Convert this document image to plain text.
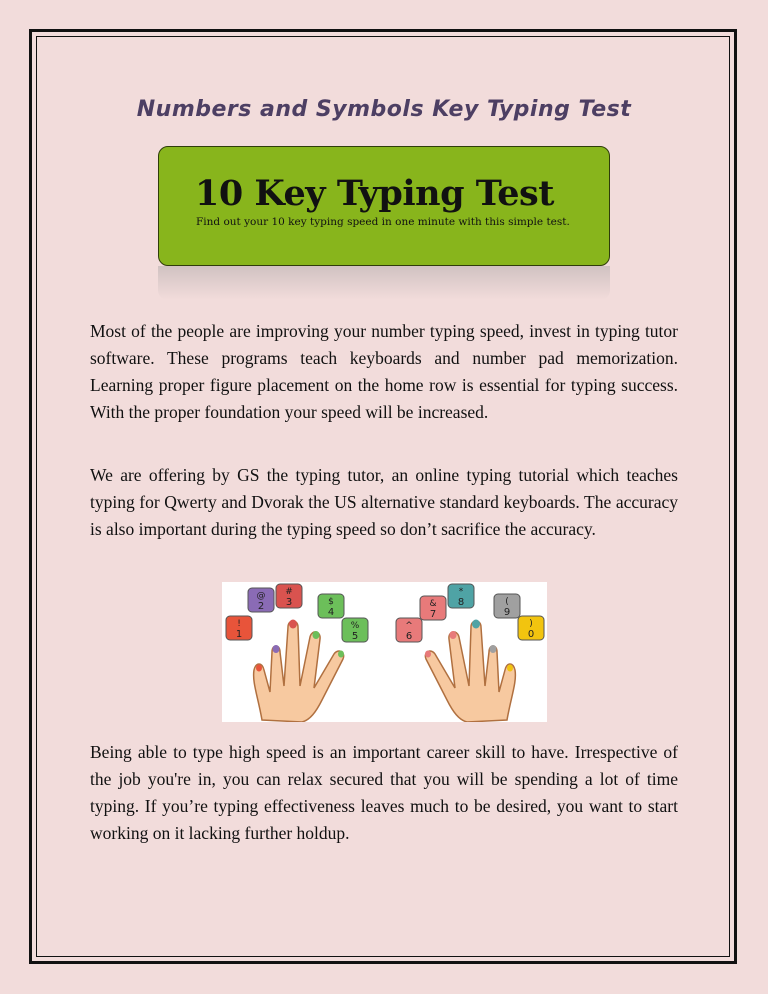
Numbers and Symbols Key Typing Test
10 Key Typing Test
Find out your 10 key typing speed in one minute with this simple test.

Most of the people are improving your number typing speed, invest in typing tutor software. These programs teach keyboards and number pad memorization. Learning proper figure placement on the home row is essential for typing success. With the proper foundation your speed will be increased.

We are offering by GS the typing tutor, an online typing tutorial which teaches typing for Qwerty and Dvorak the US alternative standard keyboards. The accuracy is also important during the typing speed so don’t sacrifice the accuracy.

!
1
@
2
#
3	$
4
%
5
^
6
&
7
*
8	(
9
)
0

Being able to type high speed is an important career skill to have. Irrespective of the job you're in, you can relax secured that you will be spending a lot of time typing. If you’re typing effectiveness leaves much to be desired, you want to start working on it lacking further holdup.
